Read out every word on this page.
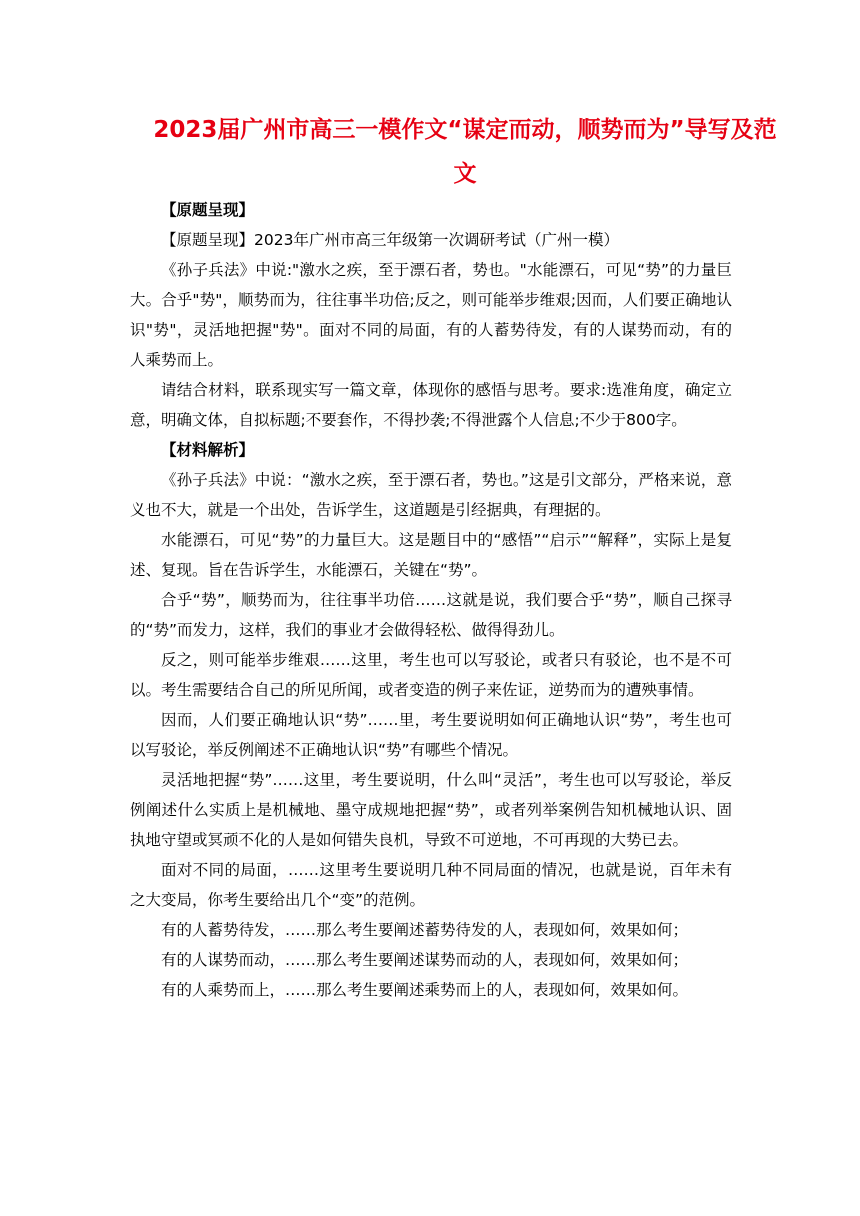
2023届广州市高三一模作文“谋定而动，顺势而为”导写及范文

【原题呈现】

【原题呈现】2023年广州市高三年级第一次调研考试（广州一模）

《孙子兵法》中说:"激水之疾，至于漂石者，势也。"水能漂石，可见“势”的力量巨大。合乎"势"，顺势而为，往往事半功倍;反之，则可能举步维艰;因而，人们要正确地认识"势"，灵活地把握"势"。面对不同的局面，有的人蓄势待发，有的人谋势而动，有的人乘势而上。

请结合材料，联系现实写一篇文章，体现你的感悟与思考。要求:选准角度，确定立意，明确文体，自拟标题;不要套作，不得抄袭;不得泄露个人信息;不少于800字。

【材料解析】

《孙子兵法》中说：“激水之疾，至于漂石者，势也。”这是引文部分，严格来说，意义也不大，就是一个出处，告诉学生，这道题是引经据典，有理据的。

水能漂石，可见“势”的力量巨大。这是题目中的“感悟”“启示”“解释”，实际上是复述、复现。旨在告诉学生，水能漂石，关键在“势”。

合乎“势”，顺势而为，往往事半功倍……这就是说，我们要合乎“势”，顺自己探寻的“势”而发力，这样，我们的事业才会做得轻松、做得得劲儿。

反之，则可能举步维艰……这里，考生也可以写驳论，或者只有驳论，也不是不可以。考生需要结合自己的所见所闻，或者变造的例子来佐证，逆势而为的遭殃事情。

因而，人们要正确地认识“势”……里，考生要说明如何正确地认识“势”，考生也可以写驳论，举反例阐述不正确地认识“势”有哪些个情况。

灵活地把握“势”……这里，考生要说明，什么叫“灵活”，考生也可以写驳论，举反例阐述什么实质上是机械地、墨守成规地把握“势”，或者列举案例告知机械地认识、固执地守望或冥顽不化的人是如何错失良机，导致不可逆地，不可再现的大势已去。

面对不同的局面，……这里考生要说明几种不同局面的情况，也就是说，百年未有之大变局，你考生要给出几个“变”的范例。

有的人蓄势待发，……那么考生要阐述蓄势待发的人，表现如何，效果如何；

有的人谋势而动，……那么考生要阐述谋势而动的人，表现如何，效果如何；

有的人乘势而上，……那么考生要阐述乘势而上的人，表现如何，效果如何。
